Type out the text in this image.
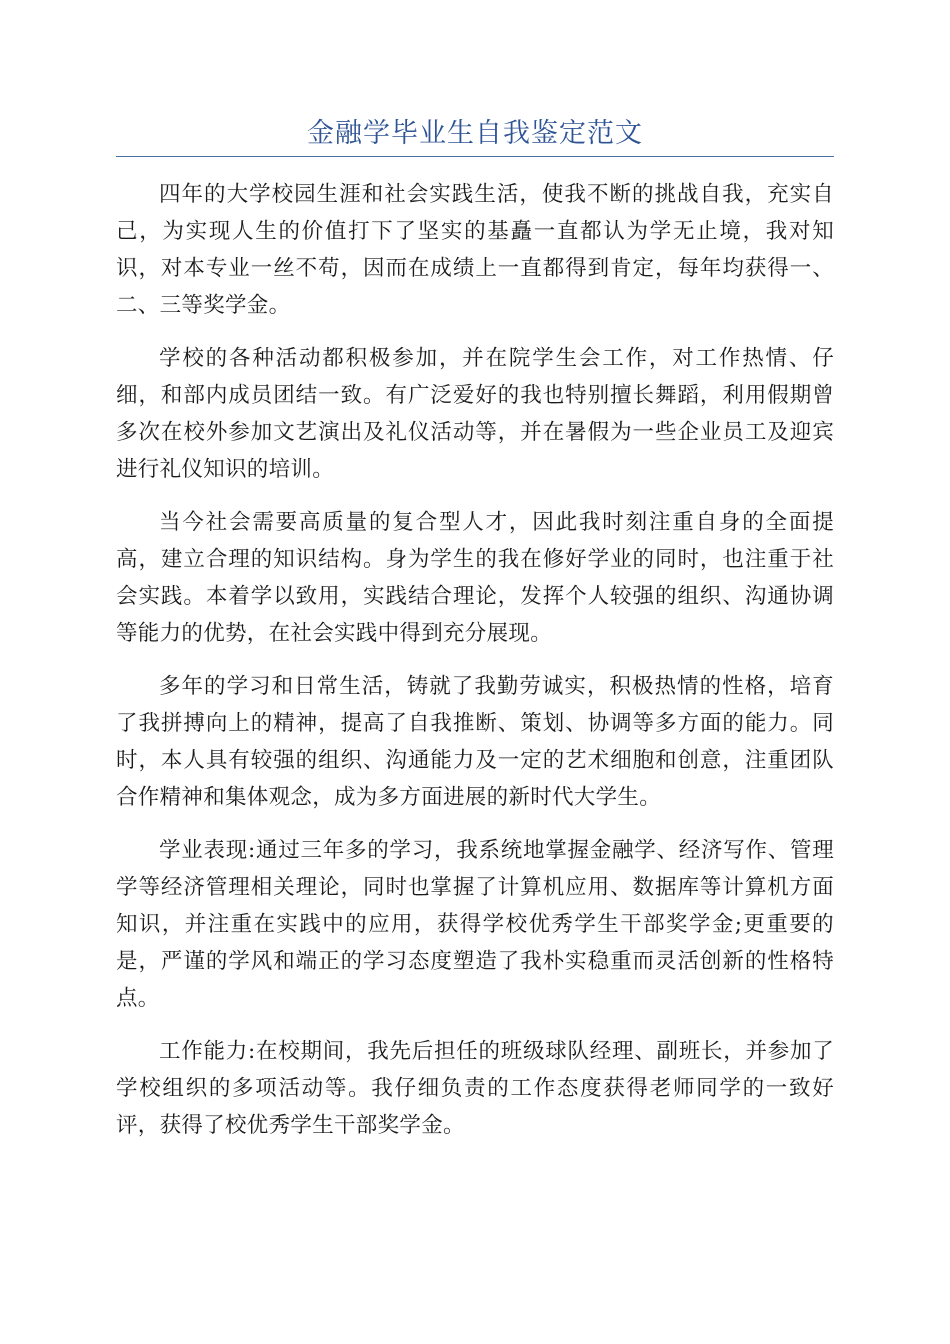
金融学毕业生自我鉴定范文

四年的大学校园生涯和社会实践生活，使我不断的挑战自我，充实自己，为实现人生的价值打下了坚实的基矗一直都认为学无止境，我对知识，对本专业一丝不苟，因而在成绩上一直都得到肯定，每年均获得一、二、三等奖学金。

学校的各种活动都积极参加，并在院学生会工作，对工作热情、仔细，和部内成员团结一致。有广泛爱好的我也特别擅长舞蹈，利用假期曾多次在校外参加文艺演出及礼仪活动等，并在暑假为一些企业员工及迎宾进行礼仪知识的培训。

当今社会需要高质量的复合型人才，因此我时刻注重自身的全面提高，建立合理的知识结构。身为学生的我在修好学业的同时，也注重于社会实践。本着学以致用，实践结合理论，发挥个人较强的组织、沟通协调等能力的优势，在社会实践中得到充分展现。

多年的学习和日常生活，铸就了我勤劳诚实，积极热情的性格，培育了我拼搏向上的精神，提高了自我推断、策划、协调等多方面的能力。同时，本人具有较强的组织、沟通能力及一定的艺术细胞和创意，注重团队合作精神和集体观念，成为多方面进展的新时代大学生。

学业表现:通过三年多的学习，我系统地掌握金融学、经济写作、管理学等经济管理相关理论，同时也掌握了计算机应用、数据库等计算机方面知识，并注重在实践中的应用，获得学校优秀学生干部奖学金;更重要的是，严谨的学风和端正的学习态度塑造了我朴实稳重而灵活创新的性格特点。

工作能力:在校期间，我先后担任的班级球队经理、副班长，并参加了学校组织的多项活动等。我仔细负责的工作态度获得老师同学的一致好评，获得了校优秀学生干部奖学金。
